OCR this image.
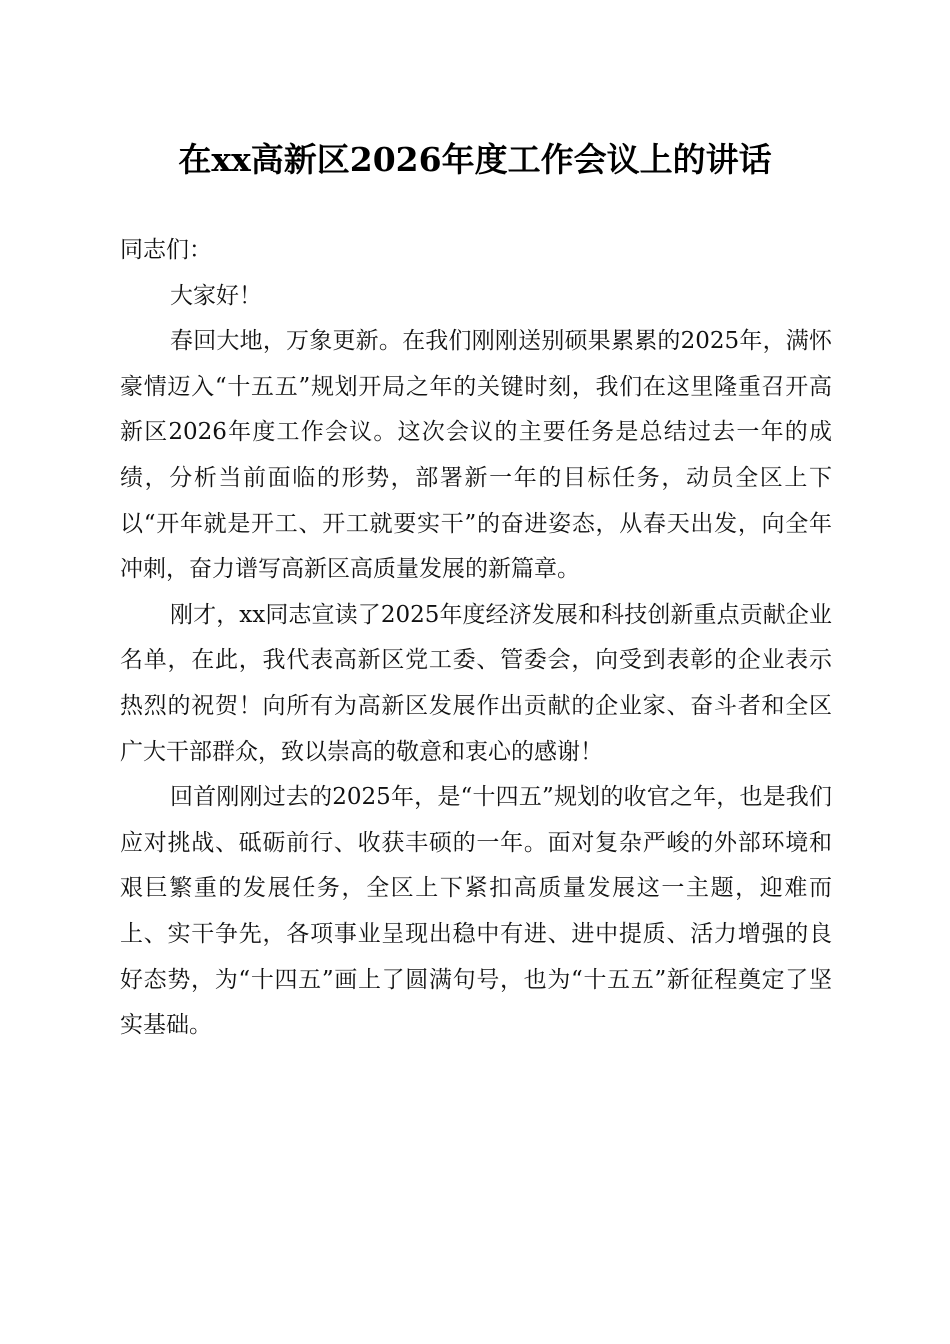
在xx高新区2026年度工作会议上的讲话

同志们：

大家好！

春回大地，万象更新。在我们刚刚送别硕果累累的2025年，满怀豪情迈入“十五五”规划开局之年的关键时刻，我们在这里隆重召开高新区2026年度工作会议。这次会议的主要任务是总结过去一年的成绩，分析当前面临的形势，部署新一年的目标任务，动员全区上下以“开年就是开工、开工就要实干”的奋进姿态，从春天出发，向全年冲刺，奋力谱写高新区高质量发展的新篇章。

刚才，xx同志宣读了2025年度经济发展和科技创新重点贡献企业名单，在此，我代表高新区党工委、管委会，向受到表彰的企业表示热烈的祝贺！向所有为高新区发展作出贡献的企业家、奋斗者和全区广大干部群众，致以崇高的敬意和衷心的感谢！

回首刚刚过去的2025年，是“十四五”规划的收官之年，也是我们应对挑战、砥砺前行、收获丰硕的一年。面对复杂严峻的外部环境和艰巨繁重的发展任务，全区上下紧扣高质量发展这一主题，迎难而上、实干争先，各项事业呈现出稳中有进、进中提质、活力增强的良好态势，为“十四五”画上了圆满句号，也为“十五五”新征程奠定了坚实基础。
